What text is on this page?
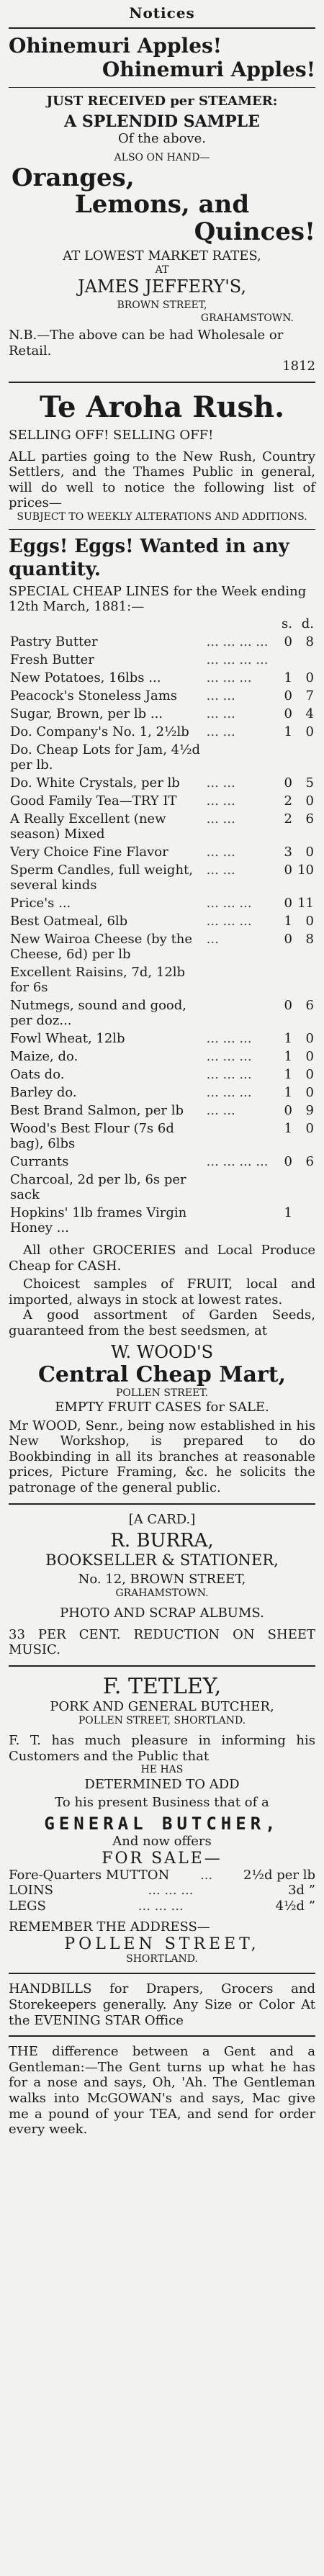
Notices
Ohinemuri Apples!
Ohinemuri Apples!
JUST RECEIVED per STEAMER:
A SPLENDID SAMPLE
Of the above.
ALSO ON HAND—
Oranges,
Lemons, and
Quinces!
AT LOWEST MARKET RATES,
AT
JAMES JEFFERY'S,
BROWN STREET,
GRAHAMSTOWN.
N.B.—The above can be had Wholesale or Retail.
1812
Te Aroha Rush.
SELLING OFF! SELLING OFF!
ALL parties going to the New Rush, Country Settlers, and the Thames Public in general, will do well to notice the following list of prices—
SUBJECT TO WEEKLY ALTERATIONS AND ADDITIONS.
Eggs! Eggs! Wanted in any quantity.
SPECIAL CHEAP LINES for the Week ending 12th March, 1881:—
		s.	d.
Pastry Butter	... ... ... ...	0	8
Fresh Butter	... ... ... ...		
New Potatoes, 16lbs ...	... ... ...	1	0
Peacock's Stoneless Jams	... ...	0	7
Sugar, Brown, per lb ...	... ...	0	4
Do. Company's No. 1, 2½lb	... ...	1	0
Do. Cheap Lots for Jam, 4½d per lb.			
Do. White Crystals, per lb	... ...	0	5
Good Family Tea—TRY IT	... ...	2	0
A Really Excellent (new season) Mixed	... ...	2	6
Very Choice Fine Flavor	... ...	3	0
Sperm Candles, full weight, several kinds	... ...	0	10
Price's ...	... ... ...	0	11
Best Oatmeal, 6lb	... ... ...	1	0
New Wairoa Cheese (by the Cheese, 6d) per lb	...	0	8
Excellent Raisins, 7d, 12lb for 6s			
Nutmegs, sound and good, per doz...		0	6
Fowl Wheat, 12lb	... ... ...	1	0
Maize, do.	... ... ...	1	0
Oats do.	... ... ...	1	0
Barley do.	... ... ...	1	0
Best Brand Salmon, per lb	... ...	0	9
Wood's Best Flour (7s 6d bag), 6lbs		1	0
Currants	... ... ... ...	0	6
Charcoal, 2d per lb, 6s per sack			
Hopkins' 1lb frames Virgin Honey ...		1	
All other GROCERIES and Local Produce Cheap for CASH.
Choicest samples of FRUIT, local and imported, always in stock at lowest rates.
A good assortment of Garden Seeds, guaranteed from the best seedsmen, at
W. WOOD'S
Central Cheap Mart,
POLLEN STREET.
EMPTY FRUIT CASES for SALE.
Mr WOOD, Senr., being now established in his New Workshop, is prepared to do Bookbinding in all its branches at reasonable prices, Picture Framing, &c. he solicits the patronage of the general public.
[A CARD.]
R. BURRA,
BOOKSELLER & STATIONER,
No. 12, BROWN STREET,
GRAHAMSTOWN.
PHOTO AND SCRAP ALBUMS.
33 PER CENT. REDUCTION ON SHEET MUSIC.
F. TETLEY,
PORK AND GENERAL BUTCHER,
POLLEN STREET, SHORTLAND.
F. T. has much pleasure in informing his Customers and the Public that
HE HAS
DETERMINED TO ADD
To his present Business that of a
GENERAL BUTCHER,
And now offers
FOR SALE—
Fore-Quarters MUTTON ... 2½d per lb
LOINS	... ... ...	3d ”
LEGS	... ... ...	4½d ”
REMEMBER THE ADDRESS—
POLLEN STREET,
SHORTLAND.
HANDBILLS for Drapers, Grocers and Storekeepers generally. Any Size or Color At the EVENING STAR Office
THE difference between a Gent and a Gentleman:—The Gent turns up what he has for a nose and says, Oh, 'Ah. The Gentleman walks into McGOWAN's and says, Mac give me a pound of your TEA, and send for order every week.
